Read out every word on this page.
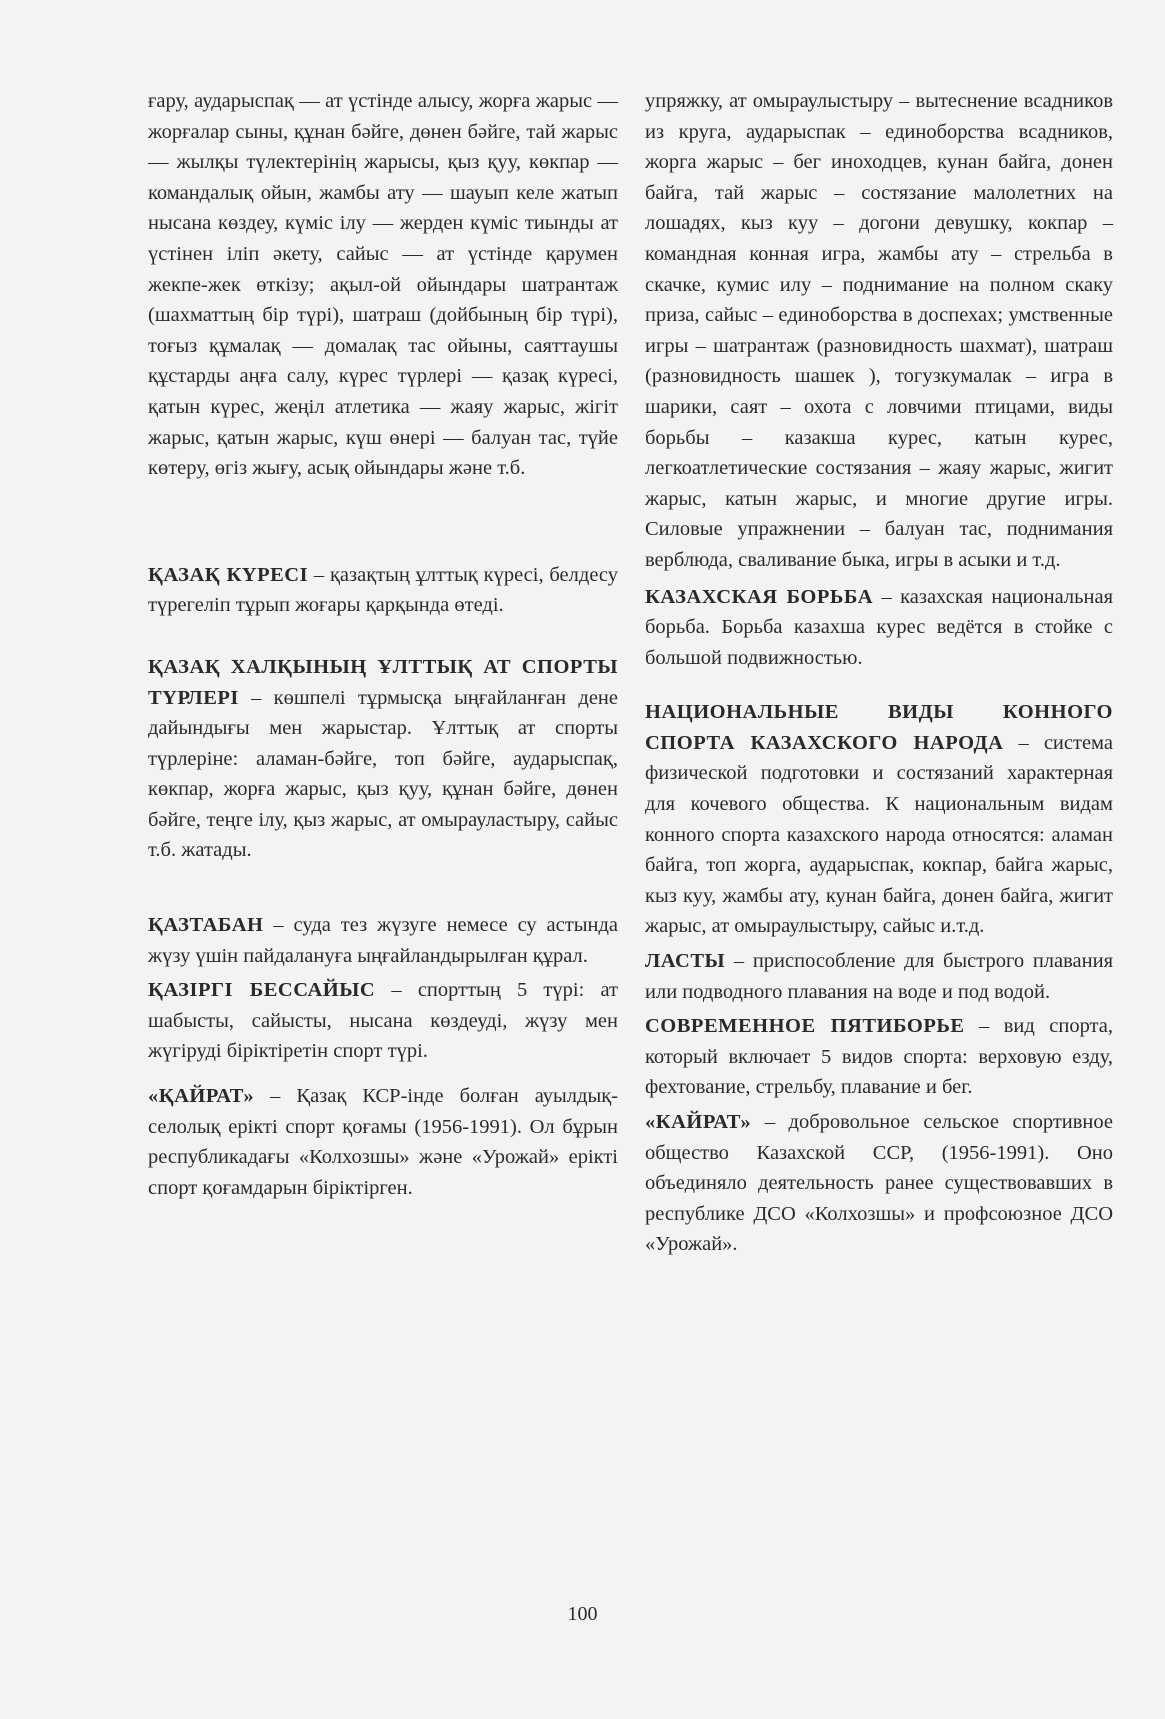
ғару, аударыспақ — ат үстінде алысу, жорға жарыс — жорғалар сыны, құнан бәйге, дөнен бәйге, тай жарыс — жылқы түлектерінің жарысы, қыз қуу, көкпар — командалық ойын, жамбы ату — шауып келе жатып нысана көздеу, күміс ілу — жерден күміс тиынды ат үстінен іліп әкету, сайыс — ат үстінде қарумен жекпе-жек өткізу; ақыл-ой ойындары шатрантаж (шахматтың бір түрі), шатраш (дойбының бір түрі), тоғыз құмалақ — домалақ тас ойыны, саяттаушы құстарды аңға салу, күрес түрлері — қазақ күресі, қатын күрес, жеңіл атлетика — жаяу жарыс, жігіт жарыс, қатын жарыс, күш өнері — балуан тас, түйе көтеру, өгіз жығу, асық ойындары және т.б.

ҚАЗАҚ КҮРЕСІ – қазақтың ұлттық күресі, белдесу түрегеліп тұрып жоғары қарқында өтеді.

ҚАЗАҚ ХАЛҚЫНЫҢ ҰЛТТЫҚ АТ СПОРТЫ ТҮРЛЕРІ – көшпелі тұрмысқа ыңғайланған дене дайындығы мен жарыстар. Ұлттық ат спорты түрлеріне: аламан-бәйге, топ бәйге, аударыспақ, көкпар, жорға жарыс, қыз қуу, құнан бәйге, дөнен бәйге, теңге ілу, қыз жарыс, ат омырауластыру, сайыс т.б. жатады.

ҚАЗТАБАН – суда тез жүзуге немесе су астында жүзу үшін пайдалануға ыңғайландырылған құрал.

ҚАЗІРГІ БЕССАЙЫС – спорттың 5 түрі: ат шабысты, сайысты, нысана көздеуді, жүзу мен жүгіруді біріктіретін спорт түрі.

«ҚАЙРАТ» – Қазақ КСР-інде болған ауылдық-селолық ерікті спорт қоғамы (1956-1991). Ол бұрын республикадағы «Колхозшы» және «Урожай» ерікті спорт қоғамдарын біріктірген.

упряжку, ат омыраулыстыру – вытеснение всадников из круга, аударыспак – единоборства всадников, жорга жарыс – бег иноходцев, кунан байга, донен байга, тай жарыс – состязание малолетних на лошадях, кыз куу – догони девушку, кокпар – командная конная игра, жамбы ату – стрельба в скачке, кумис илу – поднимание на полном скаку приза, сайыс – единоборства в доспехах; умственные игры – шатрантаж (разновидность шахмат), шатраш (разновидность шашек ), тогузкумалак – игра в шарики, саят – охота с ловчими птицами, виды борьбы – казакша курес, катын курес, легкоатлетические состязания – жаяу жарыс, жигит жарыс, катын жарыс, и многие другие игры. Силовые упражнении – балуан тас, поднимания верблюда, сваливание быка, игры в асыки и т.д.

КАЗАХСКАЯ БОРЬБА – казахская национальная борьба. Борьба казахша курес ведётся в стойке с большой подвижностью.

НАЦИОНАЛЬНЫЕ ВИДЫ КОННОГО СПОРТА КАЗАХСКОГО НАРОДА – система физической подготовки и состязаний характерная для кочевого общества. К национальным видам конного спорта казахского народа относятся: аламан байга, топ жорга, аударыспак, кокпар, байга жарыс, кыз куу, жамбы ату, кунан байга, донен байга, жигит жарыс, ат омыраулыстыру, сайыс и.т.д.

ЛАСТЫ – приспособление для быстрого плавания или подводного плавания на воде и под водой.

СОВРЕМЕННОЕ ПЯТИБОРЬЕ – вид спорта, который включает 5 видов спорта: верховую езду, фехтование, стрельбу, плавание и бег.

«КАЙРАТ» – добровольное сельское спортивное общество Казахской ССР, (1956-1991). Оно объединяло деятельность ранее существовавших в республике ДСО «Колхозшы» и профсоюзное ДСО «Урожай».

100
